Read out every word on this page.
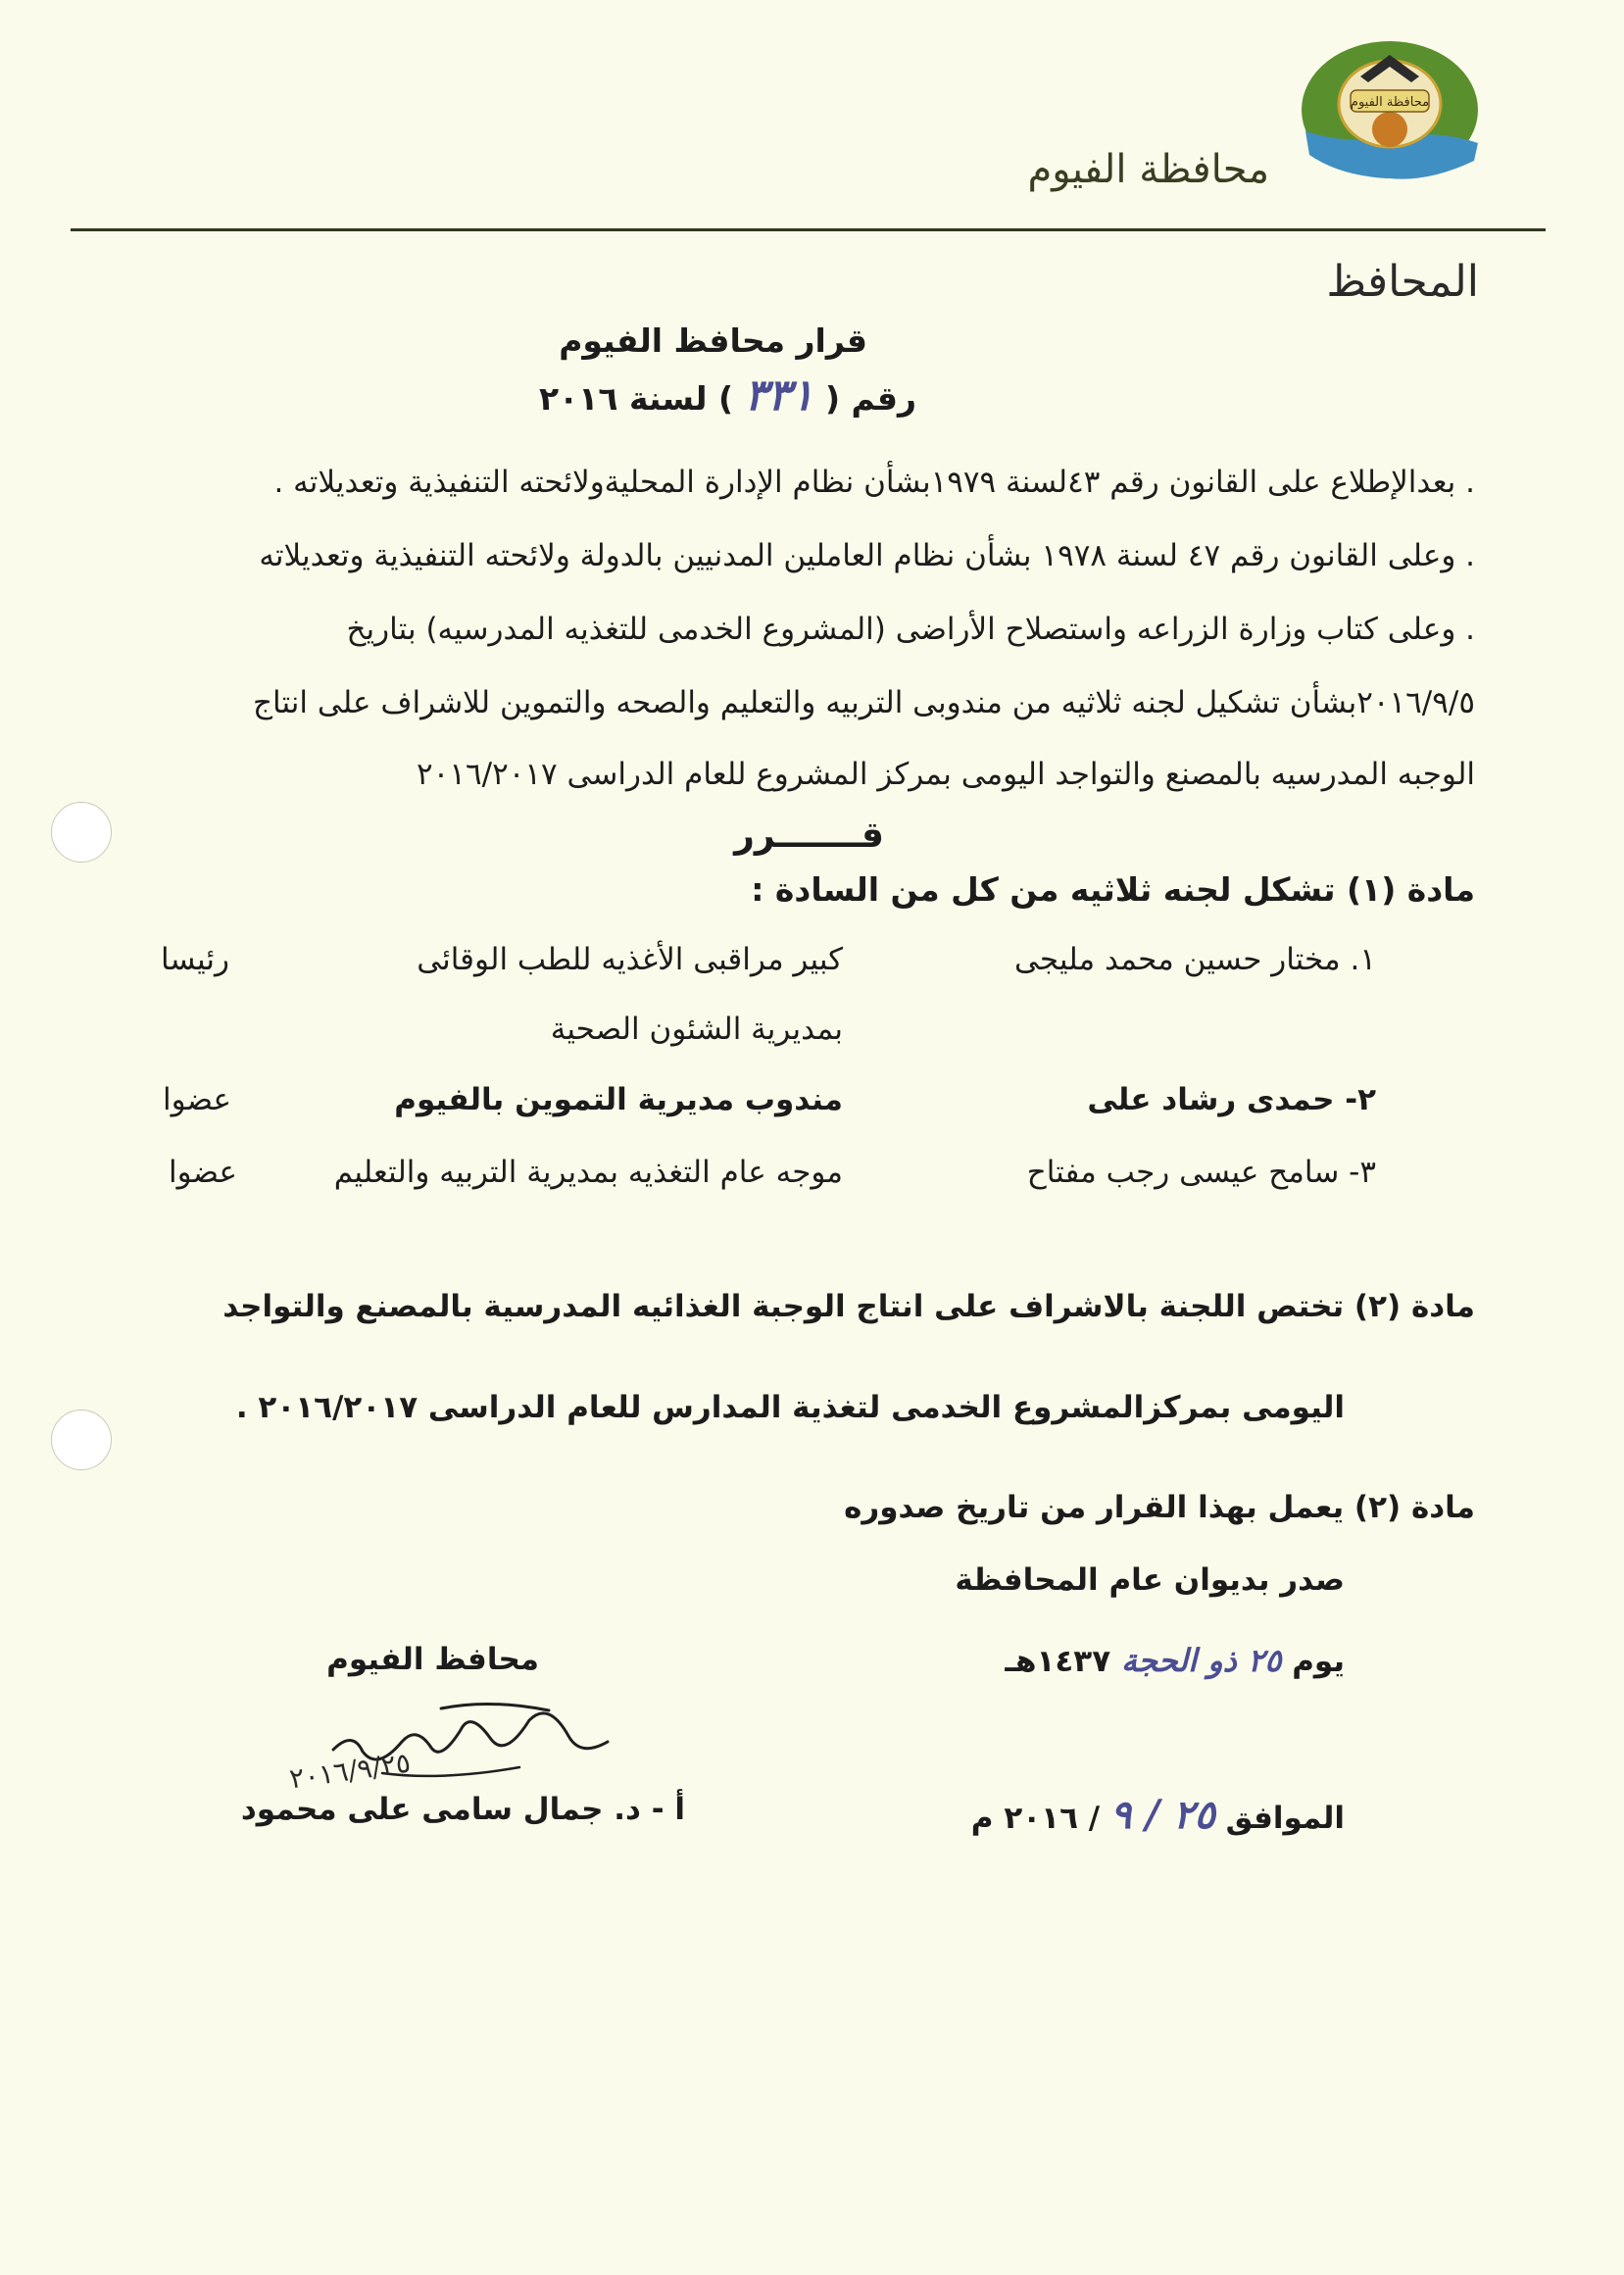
محافظة الفيوم
محافظة الفيوم
المحافظ
قرار محافظ الفيوم
رقم ( ٣٣١ ) لسنة ٢٠١٦
. بعدالإطلاع على القانون رقم ٤٣لسنة ١٩٧٩بشأن نظام الإدارة المحليةولائحته التنفيذية وتعديلاته .
. وعلى القانون رقم ٤٧ لسنة ١٩٧٨ بشأن نظام العاملين المدنيين بالدولة ولائحته التنفيذية وتعديلاته
. وعلى كتاب وزارة الزراعه واستصلاح الأراضى (المشروع الخدمى للتغذيه المدرسيه) بتاريخ
٢٠١٦/٩/٥بشأن تشكيل لجنه ثلاثيه من مندوبى التربيه والتعليم والصحه والتموين للاشراف على انتاج
الوجبه المدرسيه بالمصنع والتواجد اليومى بمركز المشروع للعام الدراسى ٢٠١٦/٢٠١٧
قـــــــرر
مادة (١) تشكل لجنه ثلاثيه من كل من السادة :
١. مختار حسين محمد مليجى
كبير مراقبى الأغذيه للطب الوقائى
بمديرية الشئون الصحية
رئيسا
٢- حمدى رشاد على
مندوب مديرية التموين بالفيوم
عضوا
٣- سامح عيسى رجب مفتاح
موجه عام التغذيه بمديرية التربيه والتعليم
عضوا
مادة (٢) تختص اللجنة بالاشراف على انتاج الوجبة الغذائيه المدرسية بالمصنع والتواجد
اليومى بمركزالمشروع الخدمى لتغذية المدارس للعام الدراسى ٢٠١٦/٢٠١٧ .
مادة (٢) يعمل بهذا القرار من تاريخ صدوره
صدر بديوان عام المحافظة
يوم ٢٥ ذو الحجة ١٤٣٧هـ
الموافق ٢٥ / ٩ / ٢٠١٦ م
محافظ الفيوم
٢٠١٦/٩/٢٥
أ - د. جمال سامى على محمود
